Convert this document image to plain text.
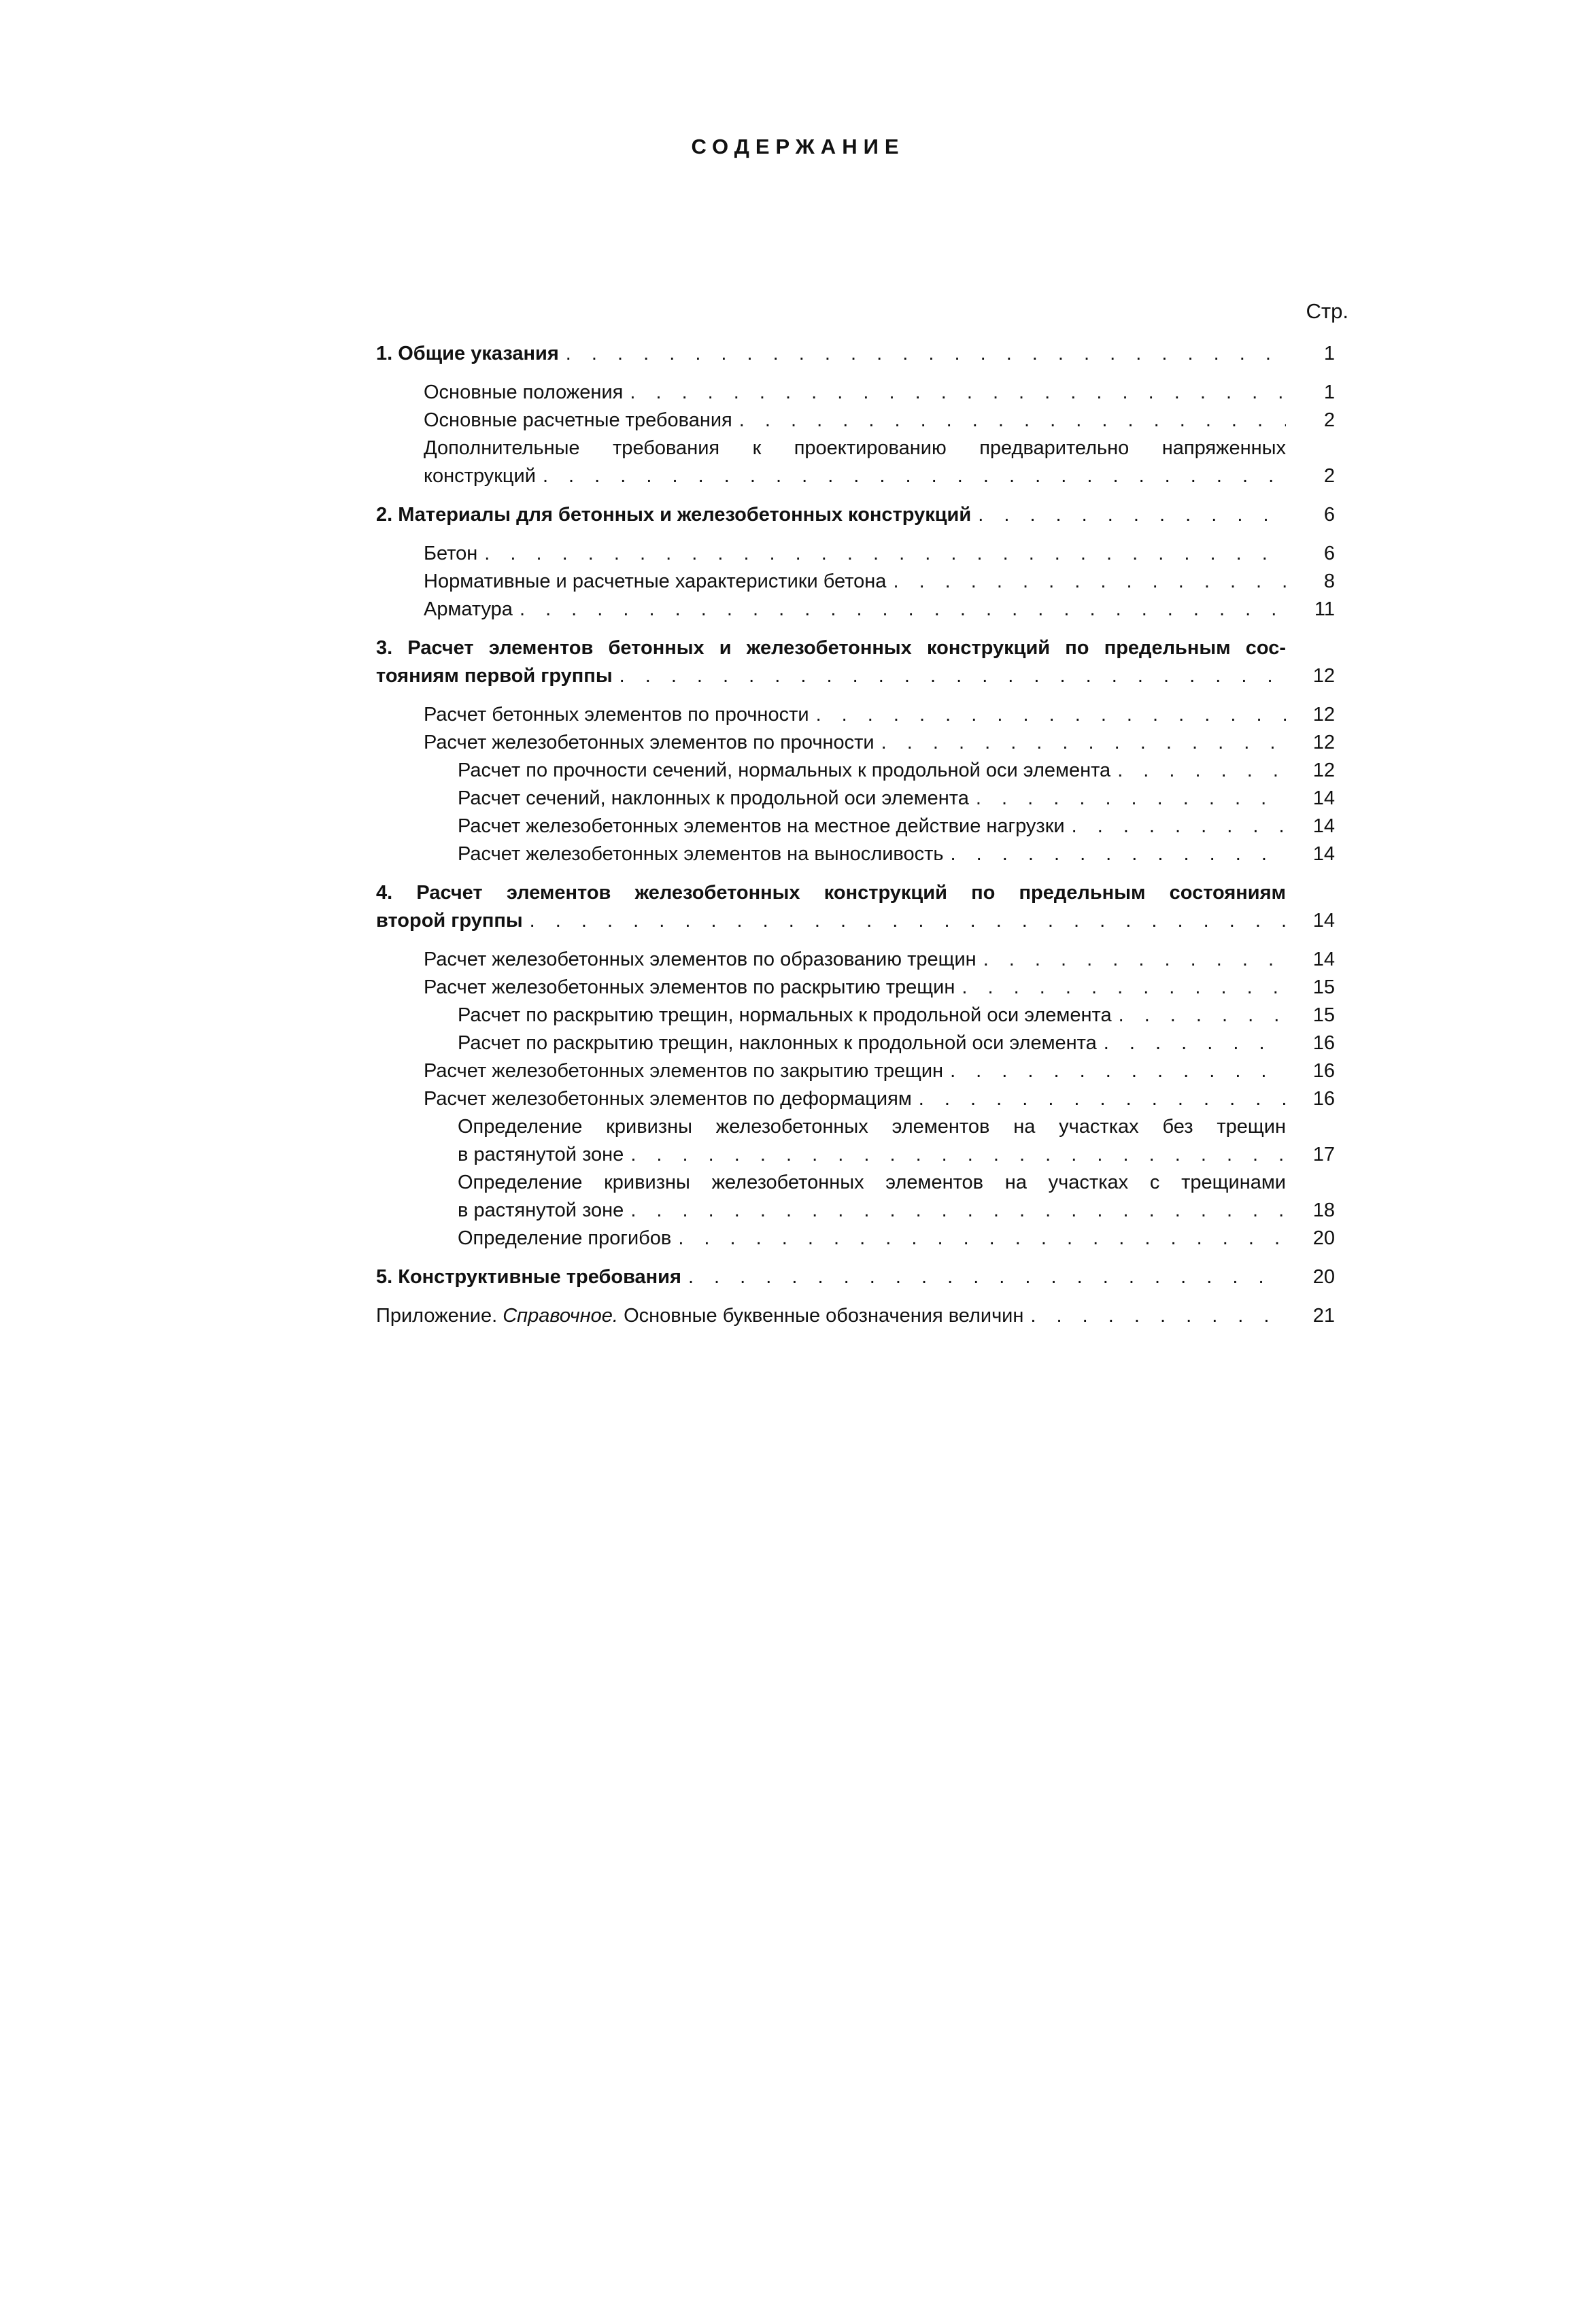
СОДЕРЖАНИЕ
Стр.
1. Общие указания . . .	1
Основные положения . . .	1
Основные расчетные требования . . .	2
Дополнительные требования к проектированию предварительно напряженных
конструкций . . .	2
2. Материалы для бетонных и железобетонных конструкций . . .	6
Бетон . . .	6
Нормативные и расчетные характеристики бетона . . .	8
Арматура . . .	11
3. Расчет элементов бетонных и железобетонных конструкций по предельным сос-
тояниям первой группы . . .	12
Расчет бетонных элементов по прочности . . .	12
Расчет железобетонных элементов по прочности . . .	12
Расчет по прочности сечений, нормальных к продольной оси элемента . . .	12
Расчет сечений, наклонных к продольной оси элемента . . .	14
Расчет железобетонных элементов на местное действие нагрузки . . .	14
Расчет железобетонных элементов на выносливость . . .	14
4. Расчет элементов железобетонных конструкций по предельным состояниям
второй группы . . .	14
Расчет железобетонных элементов по образованию трещин . . .	14
Расчет железобетонных элементов по раскрытию трещин . . .	15
Расчет по раскрытию трещин, нормальных к продольной оси элемента . . .	15
Расчет по раскрытию трещин, наклонных к продольной оси элемента . . .	16
Расчет железобетонных элементов по закрытию трещин . . .	16
Расчет железобетонных элементов по деформациям . . .	16
Определение кривизны железобетонных элементов на участках без трещин
в растянутой зоне . . .	17
Определение кривизны железобетонных элементов на участках с трещинами
в растянутой зоне . . .	18
Определение прогибов . . .	20
5. Конструктивные требования . . .	20
Приложение. Справочное. Основные буквенные обозначения величин . . .	21
